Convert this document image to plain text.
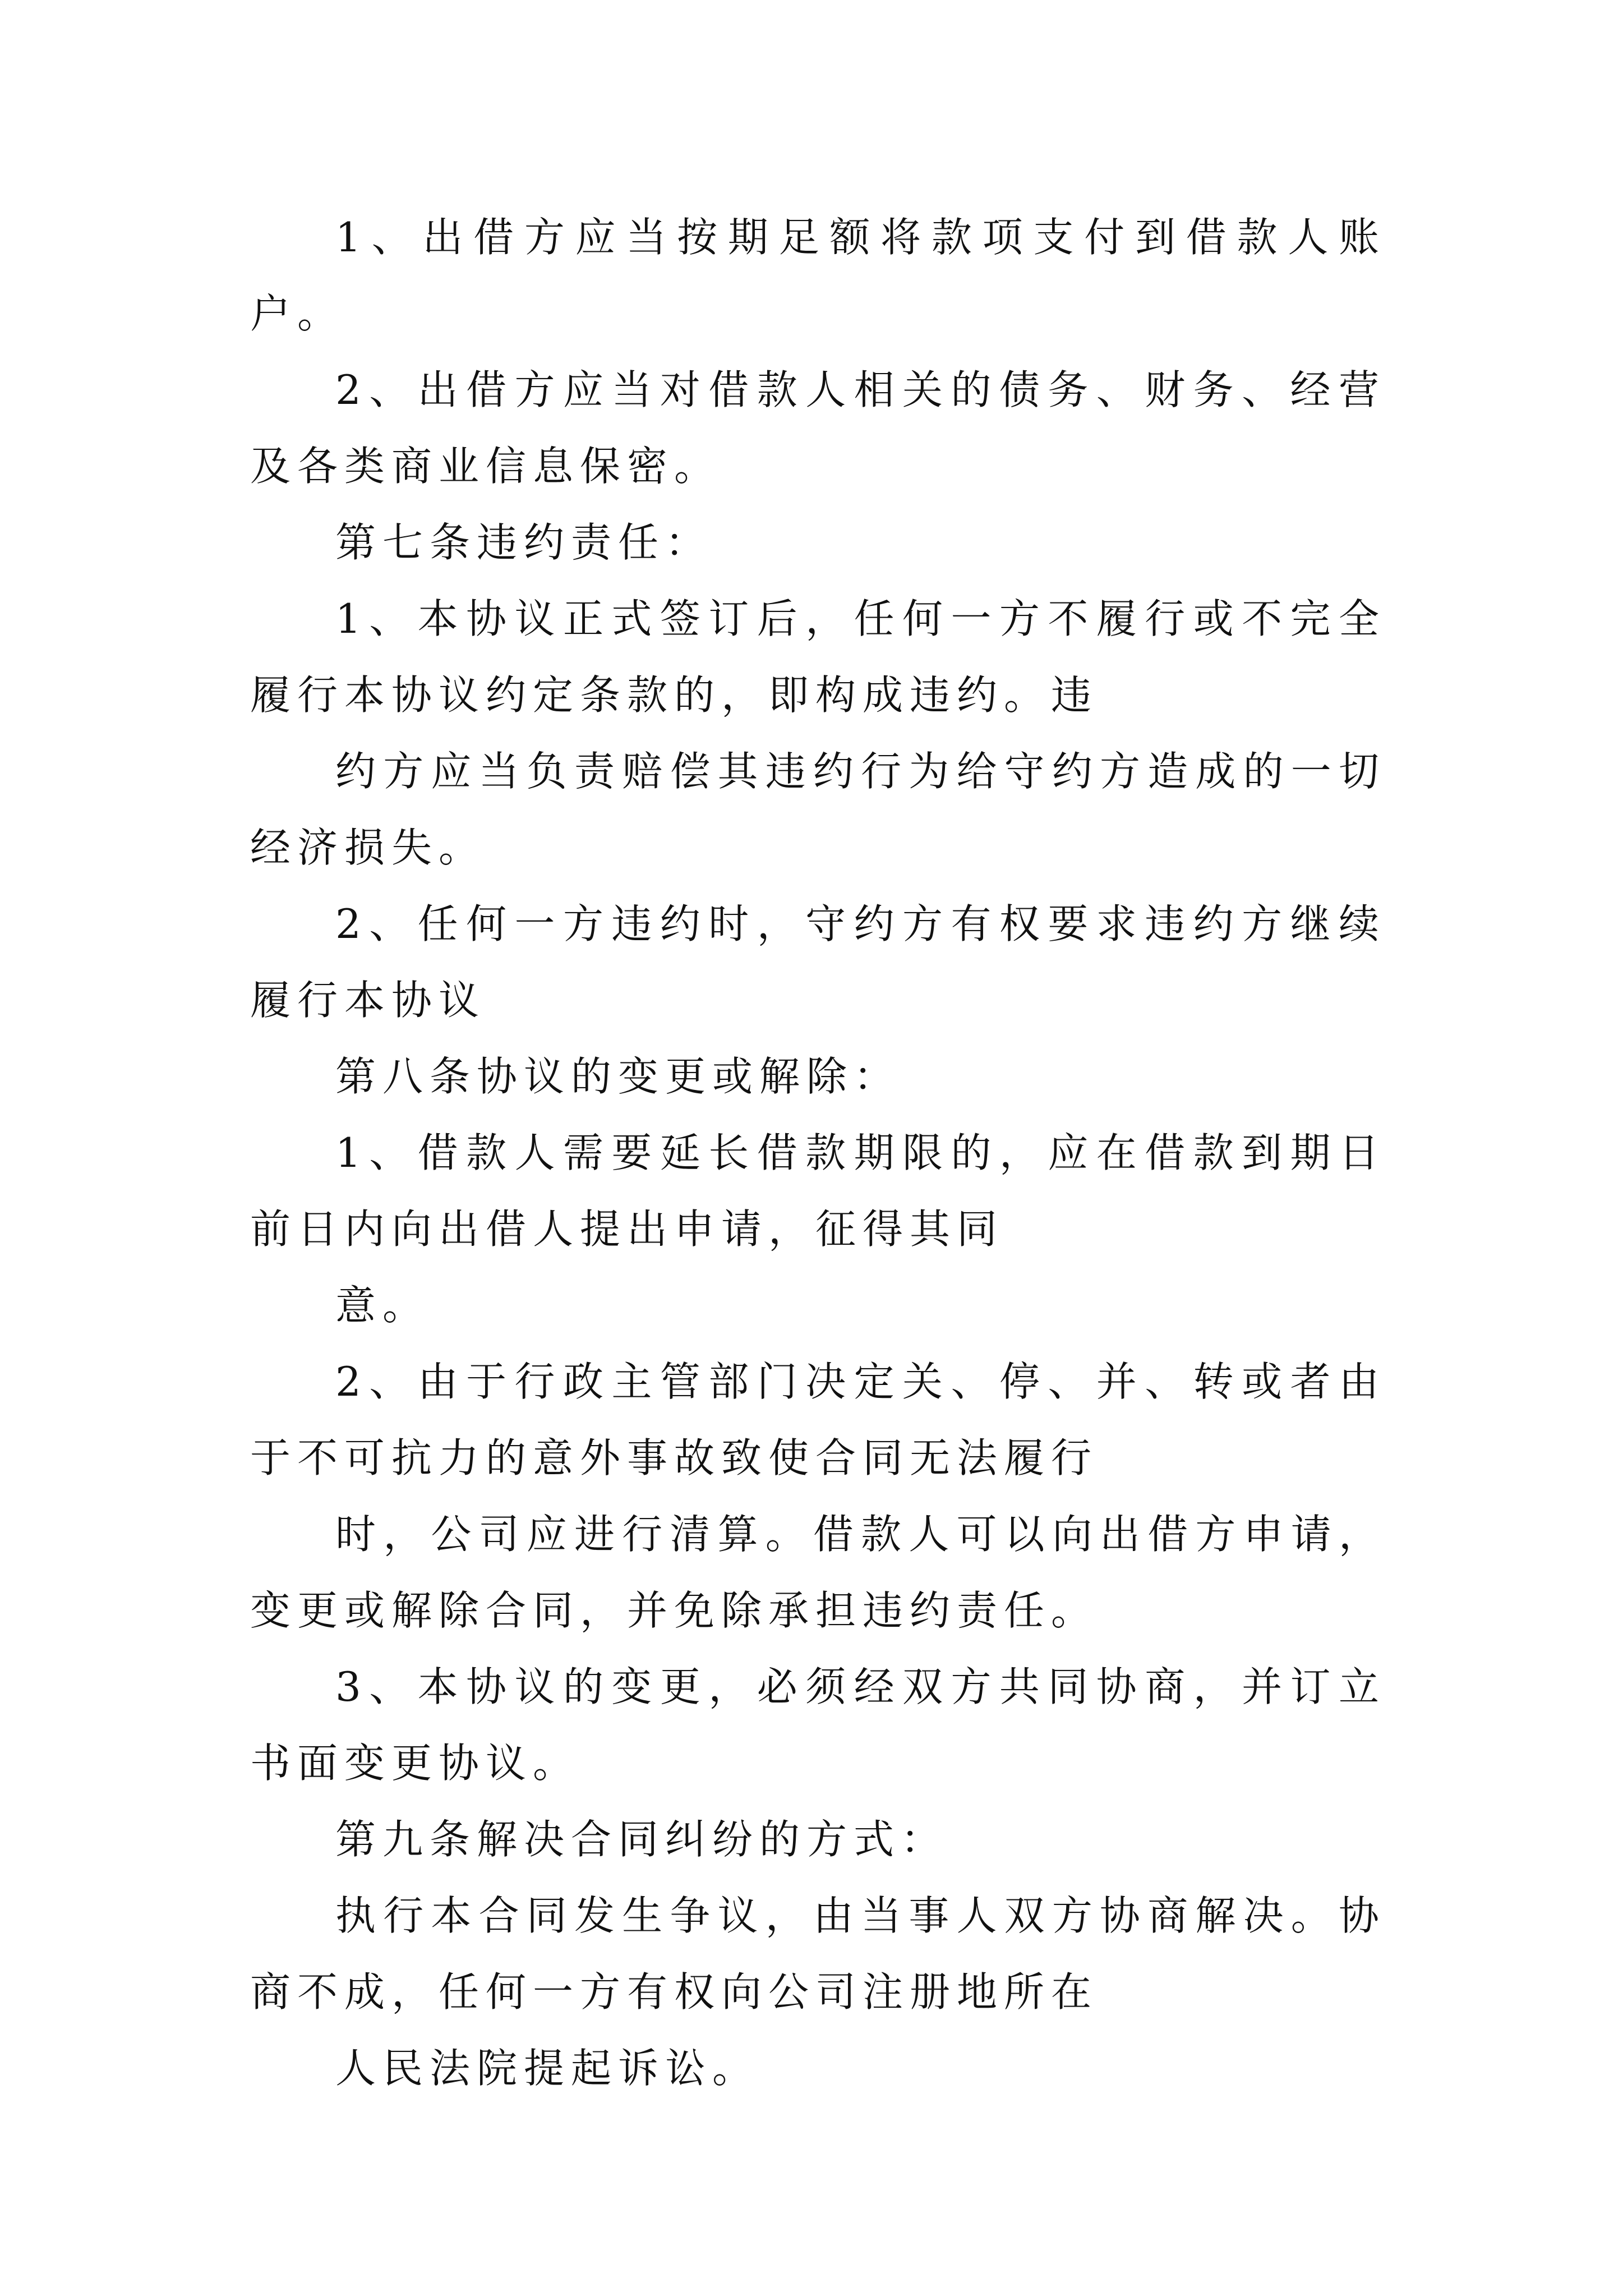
1、出借方应当按期足额将款项支付到借款人账户。

2、出借方应当对借款人相关的债务、财务、经营及各类商业信息保密。

第七条违约责任：

1、本协议正式签订后，任何一方不履行或不完全履行本协议约定条款的，即构成违约。违

约方应当负责赔偿其违约行为给守约方造成的一切经济损失。

2、任何一方违约时，守约方有权要求违约方继续履行本协议

第八条协议的变更或解除：

1、借款人需要延长借款期限的，应在借款到期日前日内向出借人提出申请，征得其同

意。

2、由于行政主管部门决定关、停、并、转或者由于不可抗力的意外事故致使合同无法履行

时，公司应进行清算。借款人可以向出借方申请，变更或解除合同，并免除承担违约责任。

3、本协议的变更，必须经双方共同协商，并订立书面变更协议。

第九条解决合同纠纷的方式：

执行本合同发生争议，由当事人双方协商解决。协商不成，任何一方有权向公司注册地所在

人民法院提起诉讼。
